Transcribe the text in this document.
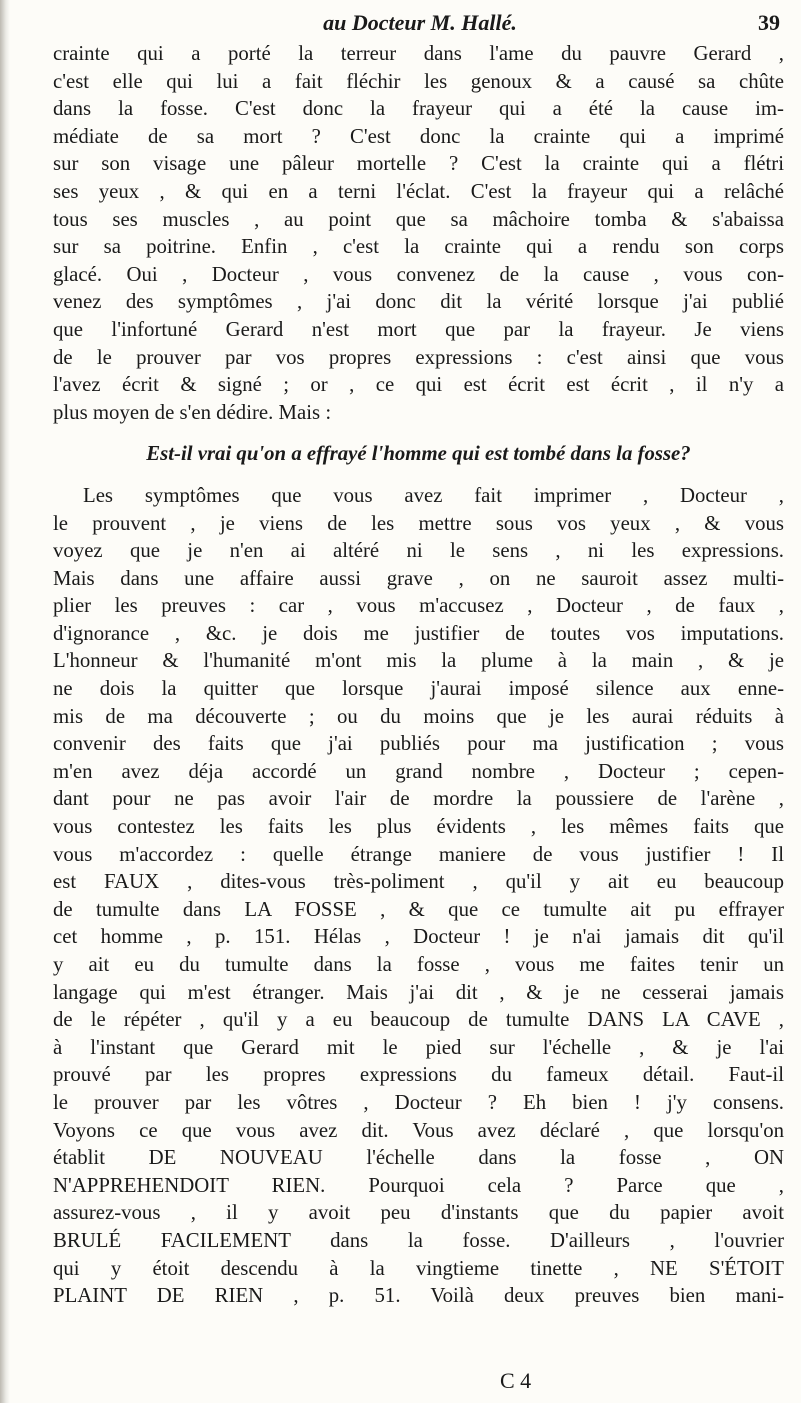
au Docteur M. Hallé.	39
crainte qui a porté la terreur dans l'ame du pauvre Gerard ,
c'est elle qui lui a fait fléchir les genoux & a causé sa chûte
dans la fosse. C'est donc la frayeur qui a été la cause im-
médiate de sa mort ? C'est donc la crainte qui a imprimé
sur son visage une pâleur mortelle ? C'est la crainte qui a flétri
ses yeux , & qui en a terni l'éclat. C'est la frayeur qui a relâché
tous ses muscles , au point que sa mâchoire tomba & s'abaissa
sur sa poitrine. Enfin , c'est la crainte qui a rendu son corps
glacé. Oui , Docteur , vous convenez de la cause , vous con-
venez des symptômes , j'ai donc dit la vérité lorsque j'ai publié
que l'infortuné Gerard n'est mort que par la frayeur. Je viens
de le prouver par vos propres expressions : c'est ainsi que vous
l'avez écrit & signé ; or , ce qui est écrit est écrit , il n'y a
plus moyen de s'en dédire. Mais :
Est-il vrai qu'on a effrayé l'homme qui est tombé dans la fosse?
Les symptômes que vous avez fait imprimer , Docteur ,
le prouvent , je viens de les mettre sous vos yeux , & vous
voyez que je n'en ai altéré ni le sens , ni les expressions.
Mais dans une affaire aussi grave , on ne sauroit assez multi-
plier les preuves : car , vous m'accusez , Docteur , de faux ,
d'ignorance , &c. je dois me justifier de toutes vos imputations.
L'honneur & l'humanité m'ont mis la plume à la main , & je
ne dois la quitter que lorsque j'aurai imposé silence aux enne-
mis de ma découverte ; ou du moins que je les aurai réduits à
convenir des faits que j'ai publiés pour ma justification ; vous
m'en avez déja accordé un grand nombre , Docteur ; cepen-
dant pour ne pas avoir l'air de mordre la poussiere de l'arène ,
vous contestez les faits les plus évidents , les mêmes faits que
vous m'accordez : quelle étrange maniere de vous justifier ! Il
est FAUX , dites-vous très-poliment , qu'il y ait eu beaucoup
de tumulte dans LA FOSSE , & que ce tumulte ait pu effrayer
cet homme , p. 151. Hélas , Docteur ! je n'ai jamais dit qu'il
y ait eu du tumulte dans la fosse , vous me faites tenir un
langage qui m'est étranger. Mais j'ai dit , & je ne cesserai jamais
de le répéter , qu'il y a eu beaucoup de tumulte DANS LA CAVE ,
à l'instant que Gerard mit le pied sur l'échelle , & je l'ai
prouvé par les propres expressions du fameux détail. Faut-il
le prouver par les vôtres , Docteur ? Eh bien ! j'y consens.
Voyons ce que vous avez dit. Vous avez déclaré , que lorsqu'on
établit DE NOUVEAU l'échelle dans la fosse , ON
N'APPREHENDOIT RIEN. Pourquoi cela ? Parce que ,
assurez-vous , il y avoit peu d'instants que du papier avoit
BRULÉ FACILEMENT dans la fosse. D'ailleurs , l'ouvrier
qui y étoit descendu à la vingtieme tinette , NE S'ÉTOIT
PLAINT DE RIEN , p. 51. Voilà deux preuves bien mani-
C 4
